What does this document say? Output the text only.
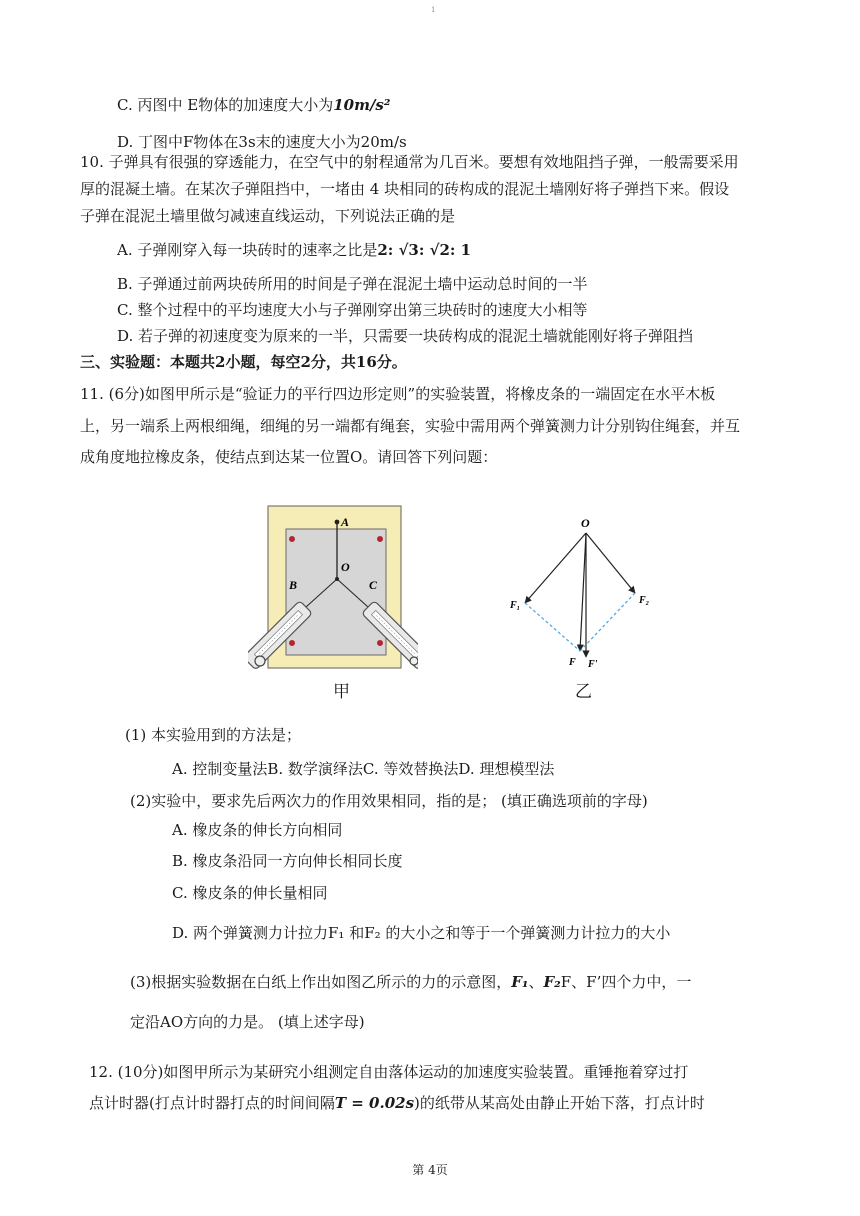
1
C. 丙图中 E物体的加速度大小为10m/s²
D. 丁图中F物体在3s末的速度大小为20m/s
10. 子弹具有很强的穿透能力，在空气中的射程通常为几百米。要想有效地阻挡子弹，一般需要采用
厚的混凝土墙。在某次子弹阻挡中，一堵由 4 块相同的砖构成的混泥土墙刚好将子弹挡下来。假设
子弹在混泥土墙里做匀减速直线运动，下列说法正确的是
A. 子弹刚穿入每一块砖时的速率之比是2: √3: √2: 1
B. 子弹通过前两块砖所用的时间是子弹在混泥土墙中运动总时间的一半
C. 整个过程中的平均速度大小与子弹刚穿出第三块砖时的速度大小相等
D. 若子弹的初速度变为原来的一半，只需要一块砖构成的混泥土墙就能刚好将子弹阻挡
三、实验题：本题共2小题，每空2分，共16分。
11. (6分)如图甲所示是“验证力的平行四边形定则”的实验装置，将橡皮条的一端固定在水平木板
上，另一端系上两根细绳，细绳的另一端都有绳套，实验中需用两个弹簧测力计分别钩住绳套，并互
成角度地拉橡皮条，使结点到达某一位置O。请回答下列问题：
A
O
B	C
甲
O
F₁	F₂
F F'
乙
(1) 本实验用到的方法是；
A. 控制变量法B. 数学演绎法C. 等效替换法D. 理想模型法
(2)实验中，要求先后两次力的作用效果相同，指的是； (填正确选项前的字母)
A. 橡皮条的伸长方向相同
B. 橡皮条沿同一方向伸长相同长度
C. 橡皮条的伸长量相同
D. 两个弹簧测力计拉力F₁ 和F₂ 的大小之和等于一个弹簧测力计拉力的大小
(3)根据实验数据在白纸上作出如图乙所示的力的示意图，F₁、F₂F、F’四个力中，一
定沿AO方向的力是。 (填上述字母)
12. (10分)如图甲所示为某研究小组测定自由落体运动的加速度实验装置。重锤拖着穿过打
点计时器(打点计时器打点的时间间隔T = 0.02s)的纸带从某高处由静止开始下落，打点计时
第 4页
